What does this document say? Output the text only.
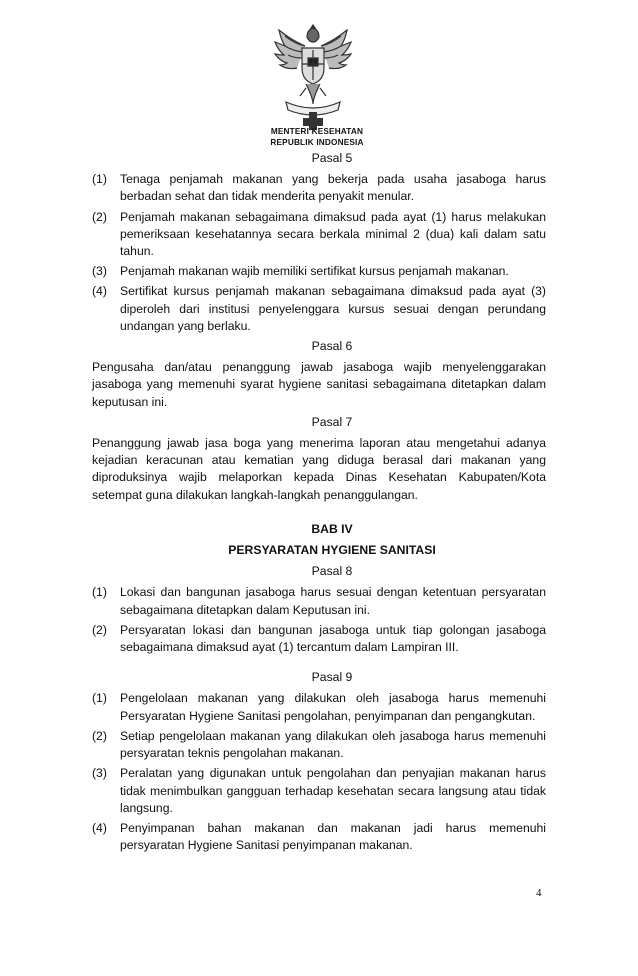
MENTERI KESEHATAN
REPUBLIK INDONESIA
Pasal 5
(1) Tenaga penjamah makanan yang bekerja pada usaha jasaboga harus berbadan sehat dan tidak menderita penyakit menular.
(2) Penjamah makanan sebagaimana dimaksud pada ayat (1) harus melakukan pemeriksaan kesehatannya secara berkala minimal 2 (dua) kali dalam satu tahun.
(3) Penjamah makanan wajib memiliki sertifikat kursus penjamah makanan.
(4) Sertifikat kursus penjamah makanan sebagaimana dimaksud pada ayat (3) diperoleh dari institusi penyelenggara kursus sesuai dengan perundang undangan yang berlaku.
Pasal 6

Pengusaha dan/atau penanggung jawab jasaboga wajib menyelenggarakan jasaboga yang memenuhi syarat hygiene sanitasi sebagaimana ditetapkan dalam keputusan ini.

Pasal 7

Penanggung jawab jasa boga yang menerima laporan atau mengetahui adanya kejadian keracunan atau kematian yang diduga berasal dari makanan yang diproduksinya wajib melaporkan kepada Dinas Kesehatan Kabupaten/Kota setempat guna dilakukan langkah-langkah penanggulangan.

BAB IV
PERSYARATAN HYGIENE SANITASI
Pasal 8
(1) Lokasi dan bangunan jasaboga harus sesuai dengan ketentuan persyaratan sebagaimana ditetapkan dalam Keputusan ini.
(2) Persyaratan lokasi dan bangunan jasaboga untuk tiap golongan jasaboga sebagaimana dimaksud ayat (1) tercantum dalam Lampiran III.
Pasal 9
(1) Pengelolaan makanan yang dilakukan oleh jasaboga harus memenuhi Persyaratan Hygiene Sanitasi pengolahan, penyimpanan dan pengangkutan.
(2) Setiap pengelolaan makanan yang dilakukan oleh jasaboga harus memenuhi persyaratan teknis pengolahan makanan.
(3) Peralatan yang digunakan untuk pengolahan dan penyajian makanan harus tidak menimbulkan gangguan terhadap kesehatan secara langsung atau tidak langsung.
(4) Penyimpanan bahan makanan dan makanan jadi harus memenuhi persyaratan Hygiene Sanitasi penyimpanan makanan.
4
